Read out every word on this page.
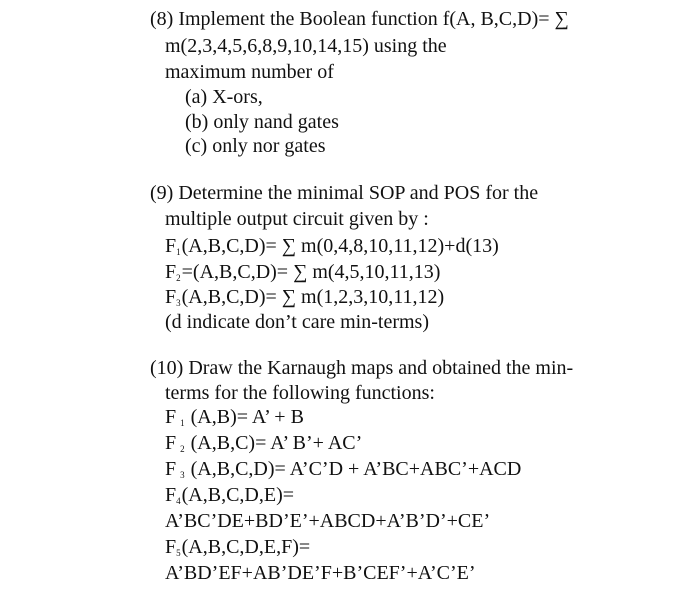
(8) Implement the Boolean function f(A, B,C,D)= ∑
m(2,3,4,5,6,8,9,10,14,15) using the
maximum number of
(a) X-ors,
(b) only nand gates
(c) only nor gates
(9) Determine the minimal SOP and POS for the
multiple output circuit given by :
$F_1(A,B,C,D)=$ ∑ m(0,4,8,10,11,12)+d(13)
$F_2=(A,B,C,D)=$ ∑ m(4,5,10,11,13)
$F_3(A,B,C,D)=$ ∑ m(1,2,3,10,11,12)
(d indicate don’t care min-terms)
(10) Draw the Karnaugh maps and obtained the min-
terms for the following functions:
F $_1$ (A,B)= A’ + B
F $_2$ (A,B,C)= A’ B’+ AC’
F $_3$ (A,B,C,D)= A’C’D + A’BC+ABC’+ACD
$F_4(A,B,C,D,E)=$
A’BC’DE+BD’E’+ABCD+A’B’D’+CE’
$F_5(A,B,C,D,E,F)=$
A’BD’EF+AB’DE’F+B’CEF’+A’C’E’
